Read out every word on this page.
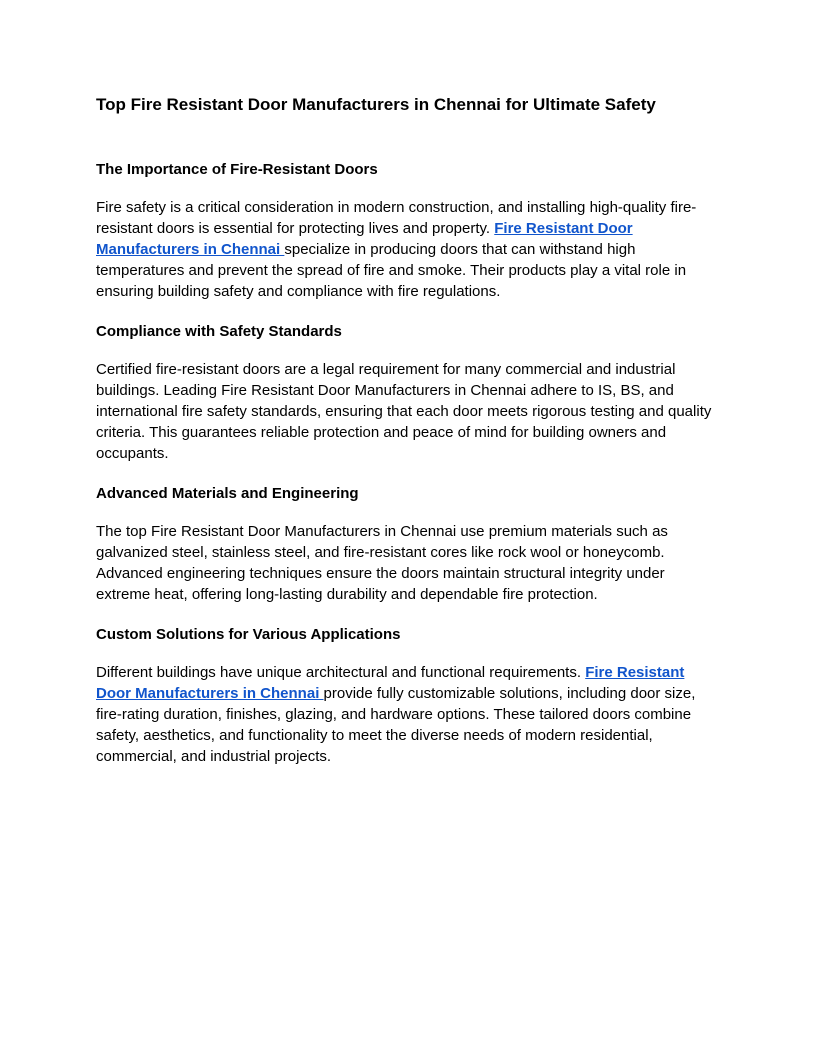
Top Fire Resistant Door Manufacturers in Chennai for Ultimate Safety
The Importance of Fire-Resistant Doors

Fire safety is a critical consideration in modern construction, and installing high-quality fire-resistant doors is essential for protecting lives and property. Fire Resistant Door Manufacturers in Chennai specialize in producing doors that can withstand high temperatures and prevent the spread of fire and smoke. Their products play a vital role in ensuring building safety and compliance with fire regulations.

Compliance with Safety Standards

Certified fire-resistant doors are a legal requirement for many commercial and industrial buildings. Leading Fire Resistant Door Manufacturers in Chennai adhere to IS, BS, and international fire safety standards, ensuring that each door meets rigorous testing and quality criteria. This guarantees reliable protection and peace of mind for building owners and occupants.

Advanced Materials and Engineering

The top Fire Resistant Door Manufacturers in Chennai use premium materials such as galvanized steel, stainless steel, and fire-resistant cores like rock wool or honeycomb. Advanced engineering techniques ensure the doors maintain structural integrity under extreme heat, offering long-lasting durability and dependable fire protection.

Custom Solutions for Various Applications

Different buildings have unique architectural and functional requirements. Fire Resistant Door Manufacturers in Chennai provide fully customizable solutions, including door size, fire-rating duration, finishes, glazing, and hardware options. These tailored doors combine safety, aesthetics, and functionality to meet the diverse needs of modern residential, commercial, and industrial projects.
